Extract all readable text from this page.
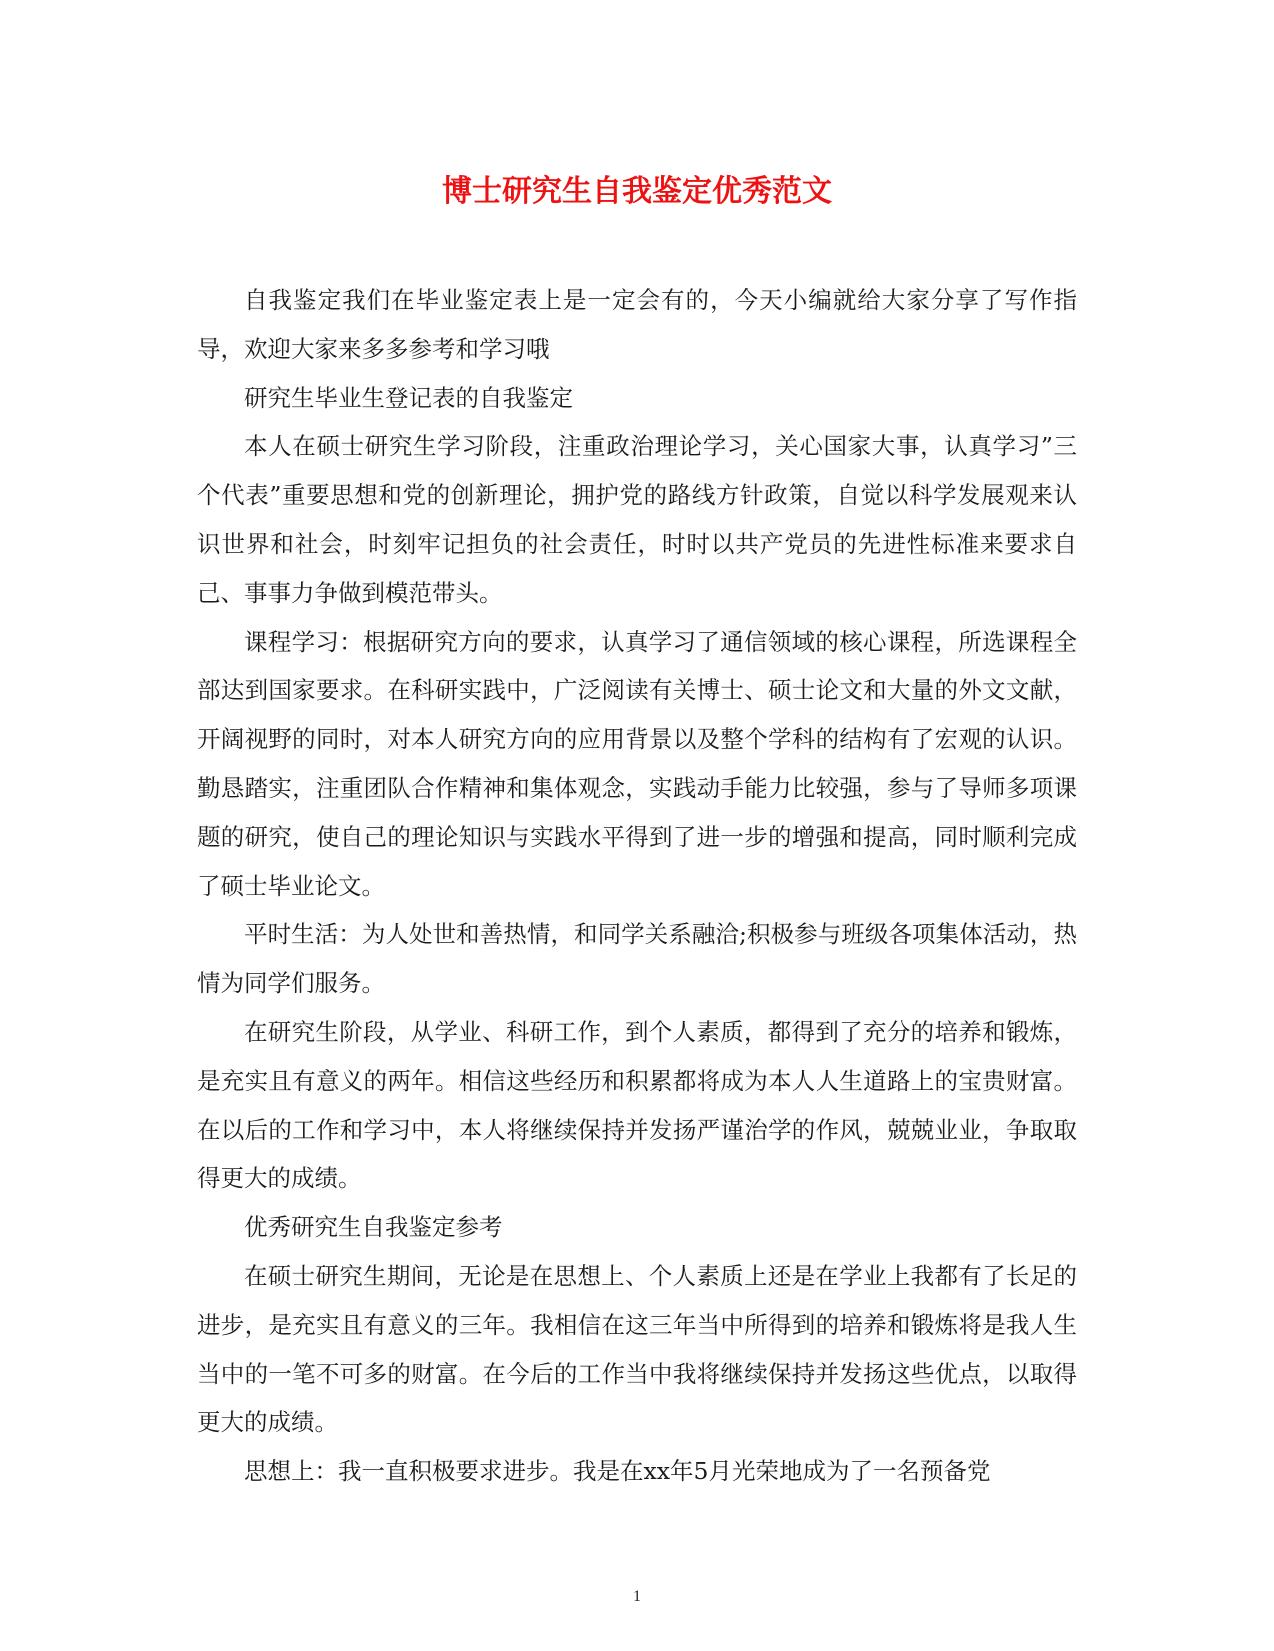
博士研究生自我鉴定优秀范文

自我鉴定我们在毕业鉴定表上是一定会有的，今天小编就给大家分享了写作指导，欢迎大家来多多参考和学习哦

研究生毕业生登记表的自我鉴定

本人在硕士研究生学习阶段，注重政治理论学习，关心国家大事，认真学习”三个代表”重要思想和党的创新理论，拥护党的路线方针政策，自觉以科学发展观来认识世界和社会，时刻牢记担负的社会责任，时时以共产党员的先进性标准来要求自己、事事力争做到模范带头。

课程学习：根据研究方向的要求，认真学习了通信领域的核心课程，所选课程全部达到国家要求。在科研实践中，广泛阅读有关博士、硕士论文和大量的外文文献，开阔视野的同时，对本人研究方向的应用背景以及整个学科的结构有了宏观的认识。勤恳踏实，注重团队合作精神和集体观念，实践动手能力比较强，参与了导师多项课题的研究，使自己的理论知识与实践水平得到了进一步的增强和提高，同时顺利完成了硕士毕业论文。

平时生活：为人处世和善热情，和同学关系融洽;积极参与班级各项集体活动，热情为同学们服务。

在研究生阶段，从学业、科研工作，到个人素质，都得到了充分的培养和锻炼，是充实且有意义的两年。相信这些经历和积累都将成为本人人生道路上的宝贵财富。在以后的工作和学习中，本人将继续保持并发扬严谨治学的作风，兢兢业业，争取取得更大的成绩。

优秀研究生自我鉴定参考

在硕士研究生期间，无论是在思想上、个人素质上还是在学业上我都有了长足的进步，是充实且有意义的三年。我相信在这三年当中所得到的培养和锻炼将是我人生当中的一笔不可多的财富。在今后的工作当中我将继续保持并发扬这些优点，以取得更大的成绩。

思想上：我一直积极要求进步。我是在xx年5月光荣地成为了一名预备党

1
